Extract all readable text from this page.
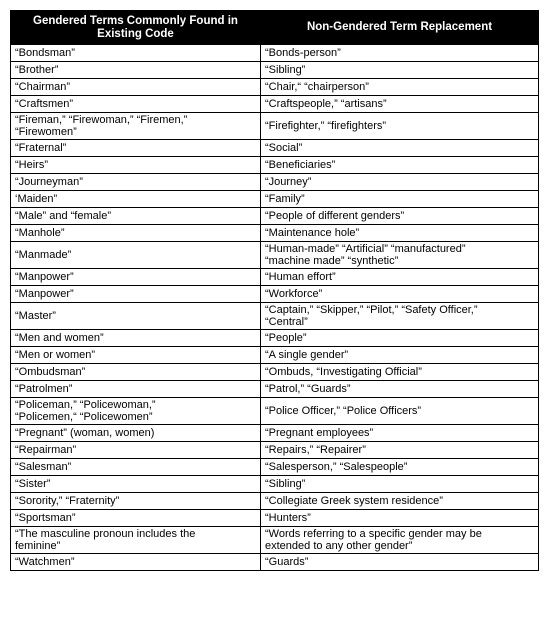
Gendered Terms Commonly Found in Existing Code	Non-Gendered Term Replacement
“Bondsman”	“Bonds-person”
“Brother”	“Sibling”
“Chairman”	“Chair,“ “chairperson”
“Craftsmen”	“Craftspeople,” “artisans”
“Fireman,” “Firewoman,” “Firemen,”
“Firewomen”	“Firefighter,” “firefighters”
“Fraternal”	“Social”
“Heirs”	“Beneficiaries”
“Journeyman”	“Journey”
‘Maiden”	“Family”
“Male” and “female”	“People of different genders”
“Manhole”	“Maintenance hole”
“Manmade”	“Human-made” “Artificial” “manufactured”
“machine made” “synthetic”
“Manpower”	“Human effort”
“Manpower”	“Workforce”
“Master”	“Captain,” “Skipper,” “Pilot,” “Safety Officer,”
“Central”
“Men and women”	“People”
“Men or women”	“A single gender”
“Ombudsman”	“Ombuds, “Investigating Official”
“Patrolmen”	“Patrol,” “Guards”
“Policeman,” “Policewoman,”
“Policemen,“ “Policewomen”	“Police Officer,” “Police Officers”
“Pregnant” (woman, women)	“Pregnant employees”
“Repairman”	“Repairs,” “Repairer”
“Salesman”	“Salesperson,” “Salespeople”
“Sister”	“Sibling”
“Sorority,” “Fraternity”	“Collegiate Greek system residence”
“Sportsman”	“Hunters”
“The masculine pronoun includes the
feminine”	“Words referring to a specific gender may be
extended to any other gender”
“Watchmen”	“Guards”
